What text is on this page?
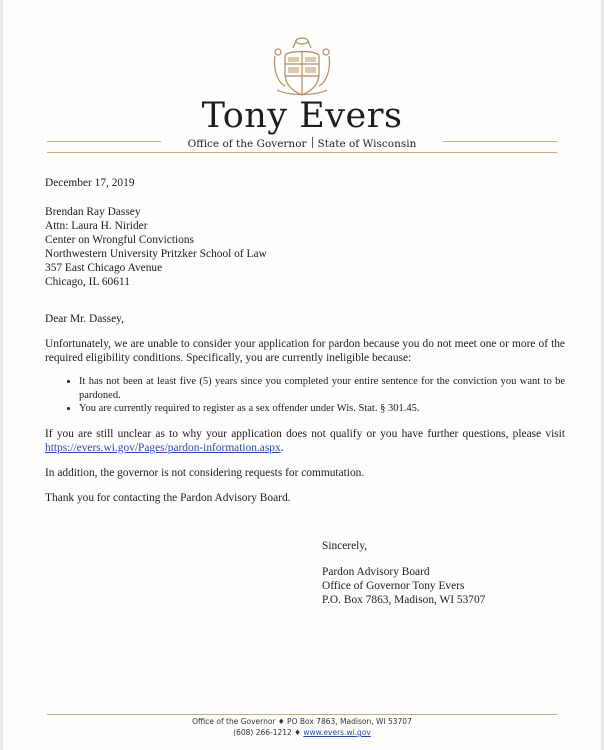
Tony Evers
Office of the Governor State of Wisconsin
December 17, 2019
Brendan Ray Dassey
Attn: Laura H. Nirider
Center on Wrongful Convictions
Northwestern University Pritzker School of Law
357 East Chicago Avenue
Chicago, IL 60611
Dear Mr. Dassey,

Unfortunately, we are unable to consider your application for pardon because you do not meet one or more of the required eligibility conditions. Specifically, you are currently ineligible because:

• It has not been at least five (5) years since you completed your entire sentence for the conviction you want to be pardoned.
• You are currently required to register as a sex offender under Wis. Stat. § 301.45.

If you are still unclear as to why your application does not qualify or you have further questions, please visit https://evers.wi.gov/Pages/pardon-information.aspx.

In addition, the governor is not considering requests for commutation.

Thank you for contacting the Pardon Advisory Board.

Sincerely,
Pardon Advisory Board
Office of Governor Tony Evers
P.O. Box 7863, Madison, WI 53707
Office of the Governor ♦ PO Box 7863, Madison, WI 53707
(608) 266-1212 ♦ www.evers.wi.gov
